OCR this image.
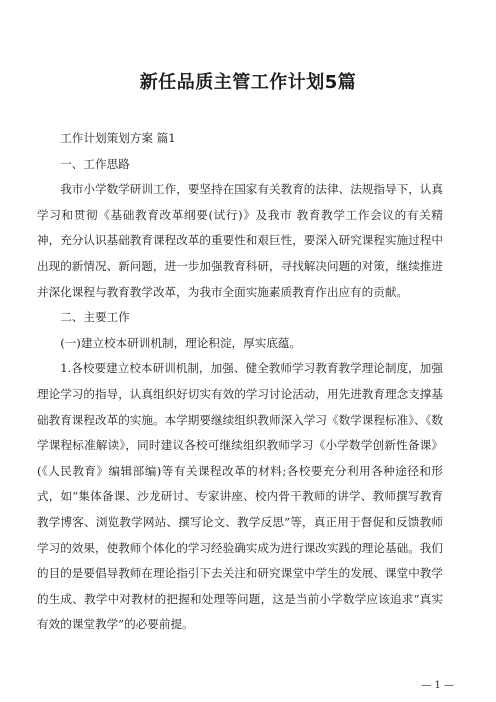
新任品质主管工作计划5篇

工作计划策划方案 篇1

一、工作思路

我市小学数学研训工作，要坚持在国家有关教育的法律、法规指导下，认真学习和贯彻《基础教育改革纲要(试行)》及我市 教育教学工作会议的有关精神，充分认识基础教育课程改革的重要性和艰巨性，要深入研究课程实施过程中出现的新情况、新问题，进一步加强教育科研，寻找解决问题的对策，继续推进并深化课程与教育教学改革，为我市全面实施素质教育作出应有的贡献。

二、主要工作

(一)建立校本研训机制，理论积淀，厚实底蕴。

1.各校要建立校本研训机制，加强、健全教师学习教育教学理论制度，加强理论学习的指导，认真组织好切实有效的学习讨论活动，用先进教育理念支撑基础教育课程改革的实施。本学期要继续组织教师深入学习《数学课程标准》、《数学课程标准解读》，同时建议各校可继续组织教师学习《小学数学创新性备课》(《人民教育》编辑部编)等有关课程改革的材料;各校要充分利用各种途径和形式，如“集体备课、沙龙研讨、专家讲座、校内骨干教师的讲学、教师撰写教育教学博客、浏览教学网站、撰写论文、教学反思”等，真正用于督促和反馈教师学习的效果，使教师个体化的学习经验确实成为进行课改实践的理论基础。我们的目的是要倡导教师在理论指引下去关注和研究课堂中学生的发展、课堂中教学的生成、教学中对教材的把握和处理等问题，这是当前小学数学应该追求“真实有效的课堂教学”的必要前提。

— 1 —
